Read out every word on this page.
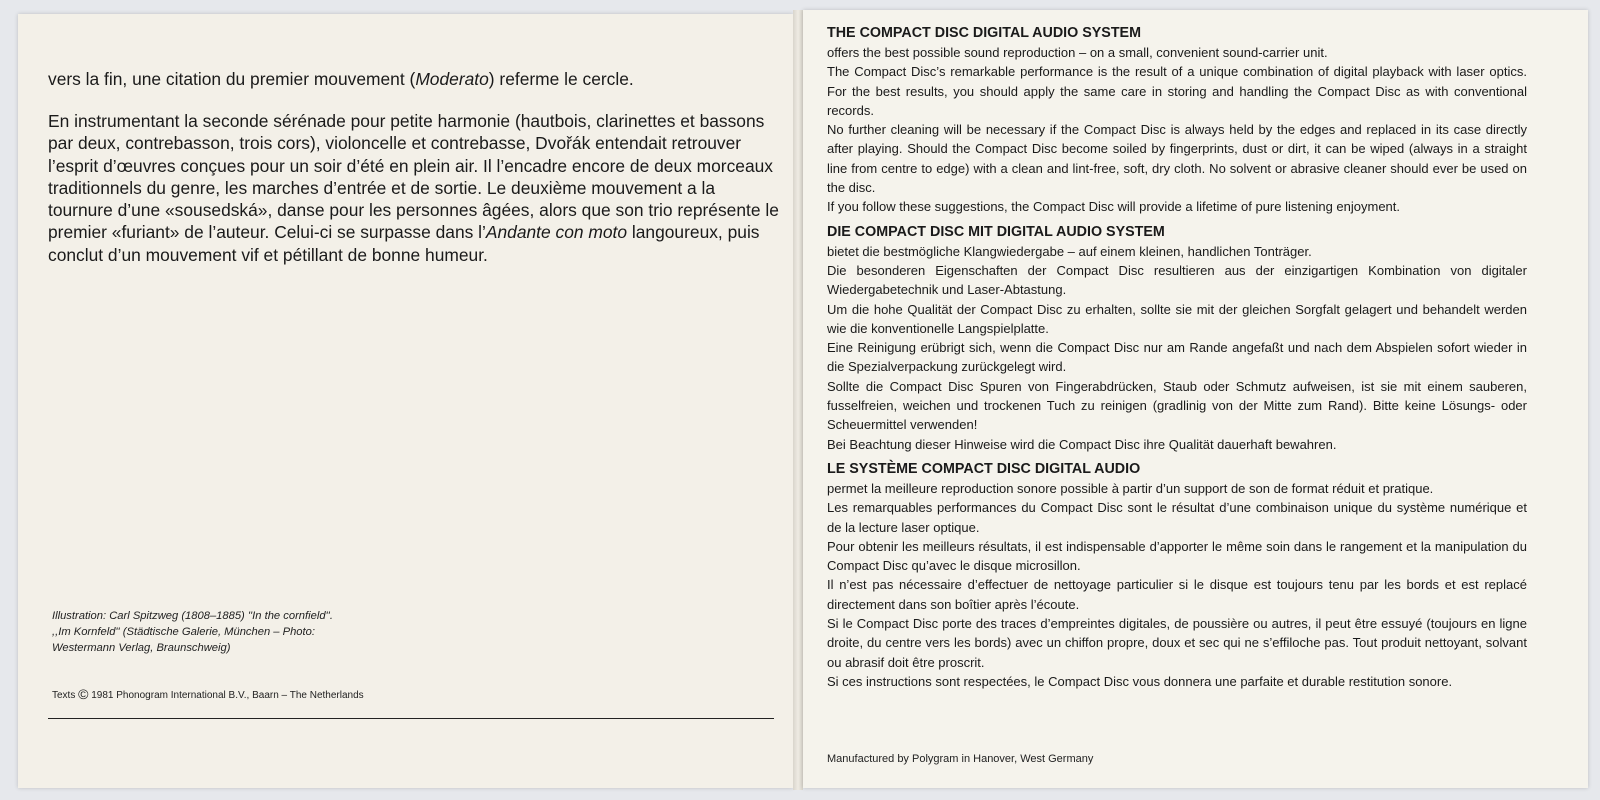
vers la fin, une citation du premier mouvement (Moderato) referme le cercle.

En instrumentant la seconde sérénade pour petite harmonie (hautbois, clarinettes et bassons par deux, contrebasson, trois cors), violoncelle et contrebasse, Dvořák entendait retrouver l’esprit d’œuvres conçues pour un soir d’été en plein air. Il l’encadre encore de deux morceaux traditionnels du genre, les marches d’entrée et de sortie. Le deuxième mouvement a la tournure d’une «sousedská», danse pour les personnes âgées, alors que son trio représente le premier «furiant» de l’auteur. Celui-ci se surpasse dans l’Andante con moto langoureux, puis conclut d’un mouvement vif et pétillant de bonne humeur.

Illustration: Carl Spitzweg (1808–1885) ''In the cornfield''.
,,Im Kornfeld'' (Städtische Galerie, München – Photo:
Westermann Verlag, Braunschweig)

Texts © 1981 Phonogram International B.V., Baarn – The Netherlands
THE COMPACT DISC DIGITAL AUDIO SYSTEM

offers the best possible sound reproduction – on a small, convenient sound-carrier unit.

The Compact Disc’s remarkable performance is the result of a unique combination of digital playback with laser optics. For the best results, you should apply the same care in storing and handling the Compact Disc as with conventional records.

No further cleaning will be necessary if the Compact Disc is always held by the edges and replaced in its case directly after playing. Should the Compact Disc become soiled by fingerprints, dust or dirt, it can be wiped (always in a straight line from centre to edge) with a clean and lint-free, soft, dry cloth. No solvent or abrasive cleaner should ever be used on the disc.

If you follow these suggestions, the Compact Disc will provide a lifetime of pure listening enjoyment.

DIE COMPACT DISC MIT DIGITAL AUDIO SYSTEM

bietet die bestmögliche Klangwiedergabe – auf einem kleinen, handlichen Tonträger.

Die besonderen Eigenschaften der Compact Disc resultieren aus der einzigartigen Kombination von digitaler Wiedergabetechnik und Laser-Abtastung.

Um die hohe Qualität der Compact Disc zu erhalten, sollte sie mit der gleichen Sorgfalt gelagert und behandelt werden wie die konventionelle Langspielplatte.

Eine Reinigung erübrigt sich, wenn die Compact Disc nur am Rande angefaßt und nach dem Abspielen sofort wieder in die Spezialverpackung zurückgelegt wird.

Sollte die Compact Disc Spuren von Fingerabdrücken, Staub oder Schmutz aufweisen, ist sie mit einem sauberen, fusselfreien, weichen und trockenen Tuch zu reinigen (gradlinig von der Mitte zum Rand). Bitte keine Lösungs- oder Scheuermittel verwenden!

Bei Beachtung dieser Hinweise wird die Compact Disc ihre Qualität dauerhaft bewahren.

LE SYSTÈME COMPACT DISC DIGITAL AUDIO

permet la meilleure reproduction sonore possible à partir d’un support de son de format réduit et pratique.

Les remarquables performances du Compact Disc sont le résultat d’une combinaison unique du système numérique et de la lecture laser optique.

Pour obtenir les meilleurs résultats, il est indispensable d’apporter le même soin dans le rangement et la manipulation du Compact Disc qu’avec le disque microsillon.

Il n’est pas nécessaire d’effectuer de nettoyage particulier si le disque est toujours tenu par les bords et est replacé directement dans son boîtier après l’écoute.

Si le Compact Disc porte des traces d’empreintes digitales, de poussière ou autres, il peut être essuyé (toujours en ligne droite, du centre vers les bords) avec un chiffon propre, doux et sec qui ne s’effiloche pas. Tout produit nettoyant, solvant ou abrasif doit être proscrit.

Si ces instructions sont respectées, le Compact Disc vous donnera une parfaite et durable restitution sonore.

Manufactured by Polygram in Hanover, West Germany
